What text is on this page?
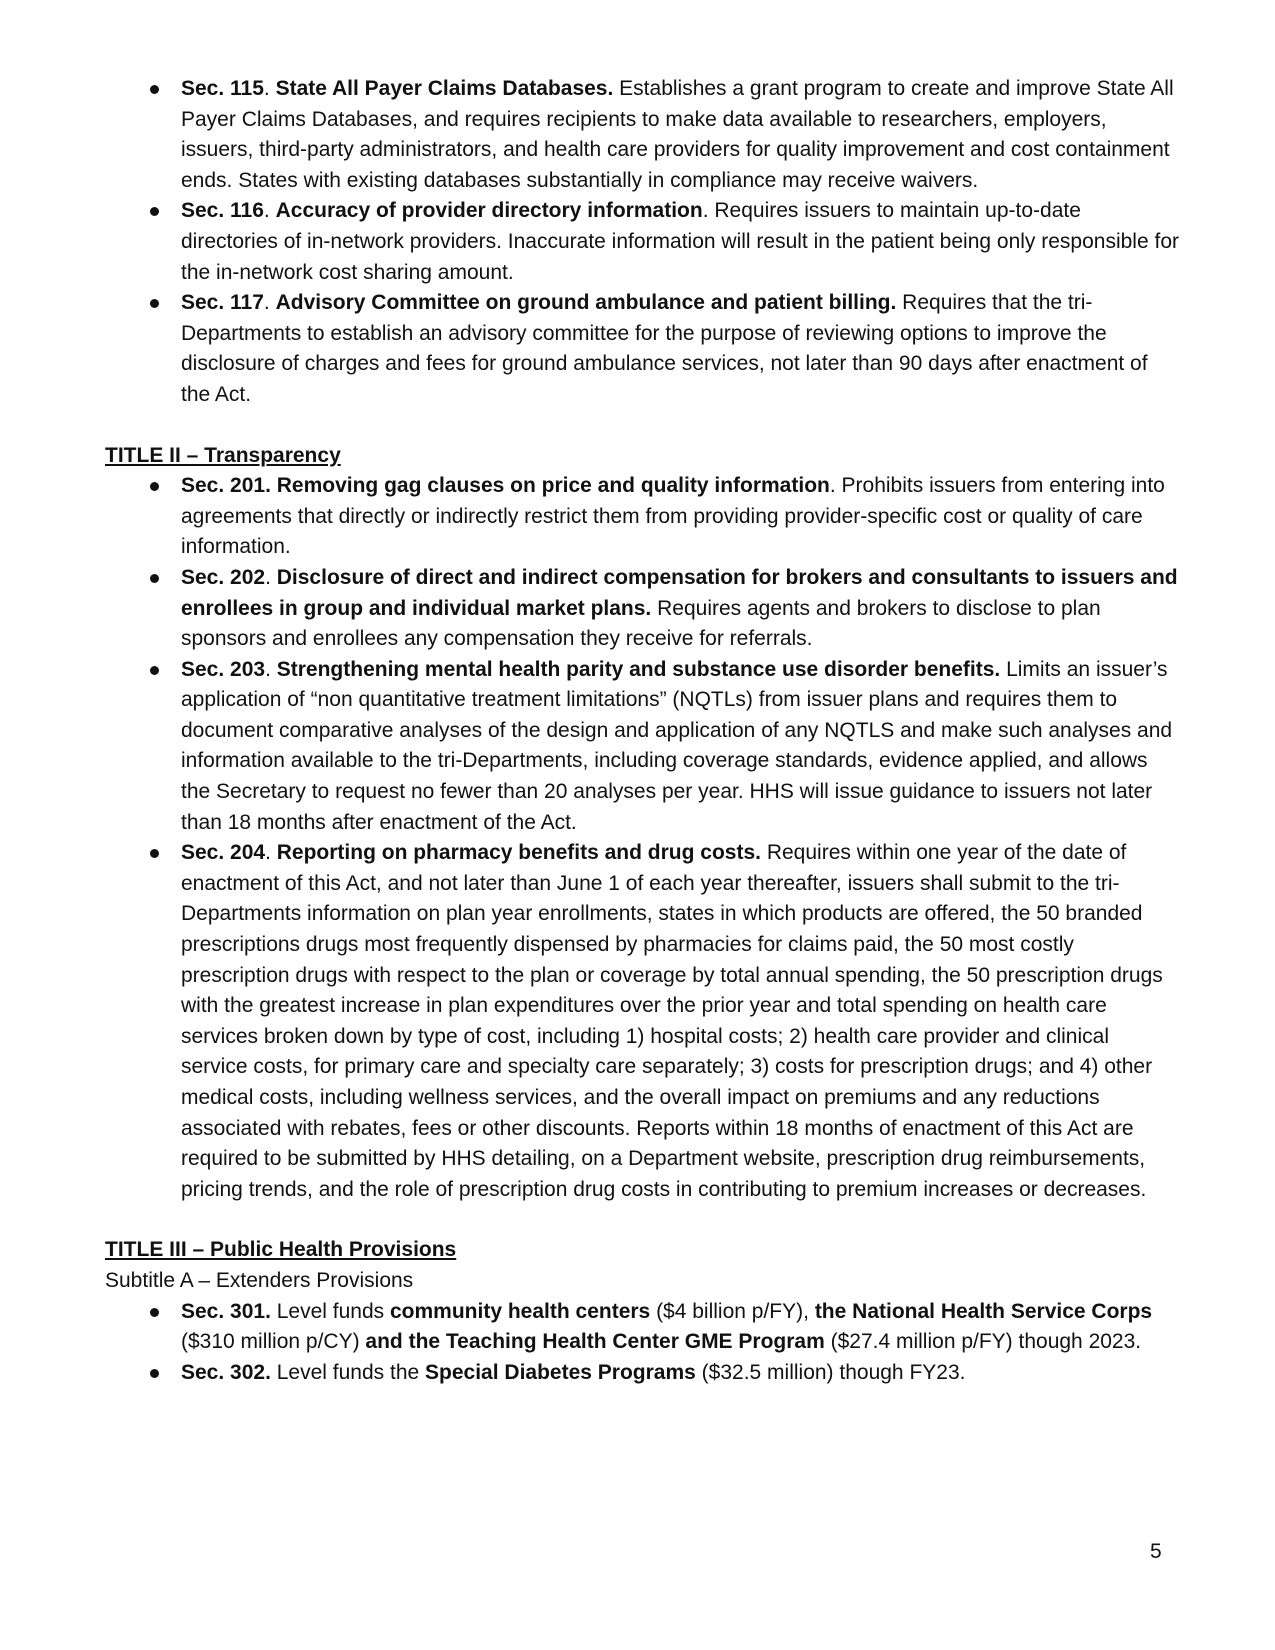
Sec. 115. State All Payer Claims Databases. Establishes a grant program to create and improve State All Payer Claims Databases, and requires recipients to make data available to researchers, employers, issuers, third-party administrators, and health care providers for quality improvement and cost containment ends. States with existing databases substantially in compliance may receive waivers.
Sec. 116. Accuracy of provider directory information. Requires issuers to maintain up-to-date directories of in-network providers. Inaccurate information will result in the patient being only responsible for the in-network cost sharing amount.
Sec. 117. Advisory Committee on ground ambulance and patient billing. Requires that the tri-Departments to establish an advisory committee for the purpose of reviewing options to improve the disclosure of charges and fees for ground ambulance services, not later than 90 days after enactment of the Act.
TITLE II – Transparency
Sec. 201. Removing gag clauses on price and quality information. Prohibits issuers from entering into agreements that directly or indirectly restrict them from providing provider-specific cost or quality of care information.
Sec. 202. Disclosure of direct and indirect compensation for brokers and consultants to issuers and enrollees in group and individual market plans. Requires agents and brokers to disclose to plan sponsors and enrollees any compensation they receive for referrals.
Sec. 203. Strengthening mental health parity and substance use disorder benefits. Limits an issuer’s application of “non quantitative treatment limitations” (NQTLs) from issuer plans and requires them to document comparative analyses of the design and application of any NQTLS and make such analyses and information available to the tri-Departments, including coverage standards, evidence applied, and allows the Secretary to request no fewer than 20 analyses per year. HHS will issue guidance to issuers not later than 18 months after enactment of the Act.
Sec. 204. Reporting on pharmacy benefits and drug costs. Requires within one year of the date of enactment of this Act, and not later than June 1 of each year thereafter, issuers shall submit to the tri-Departments information on plan year enrollments, states in which products are offered, the 50 branded prescriptions drugs most frequently dispensed by pharmacies for claims paid, the 50 most costly prescription drugs with respect to the plan or coverage by total annual spending, the 50 prescription drugs with the greatest increase in plan expenditures over the prior year and total spending on health care services broken down by type of cost, including 1) hospital costs; 2) health care provider and clinical service costs, for primary care and specialty care separately; 3) costs for prescription drugs; and 4) other medical costs, including wellness services, and the overall impact on premiums and any reductions associated with rebates, fees or other discounts. Reports within 18 months of enactment of this Act are required to be submitted by HHS detailing, on a Department website, prescription drug reimbursements, pricing trends, and the role of prescription drug costs in contributing to premium increases or decreases.
TITLE III – Public Health Provisions
Subtitle A – Extenders Provisions
Sec. 301. Level funds community health centers ($4 billion p/FY), the National Health Service Corps ($310 million p/CY) and the Teaching Health Center GME Program ($27.4 million p/FY) though 2023.
Sec. 302. Level funds the Special Diabetes Programs ($32.5 million) though FY23.
5
